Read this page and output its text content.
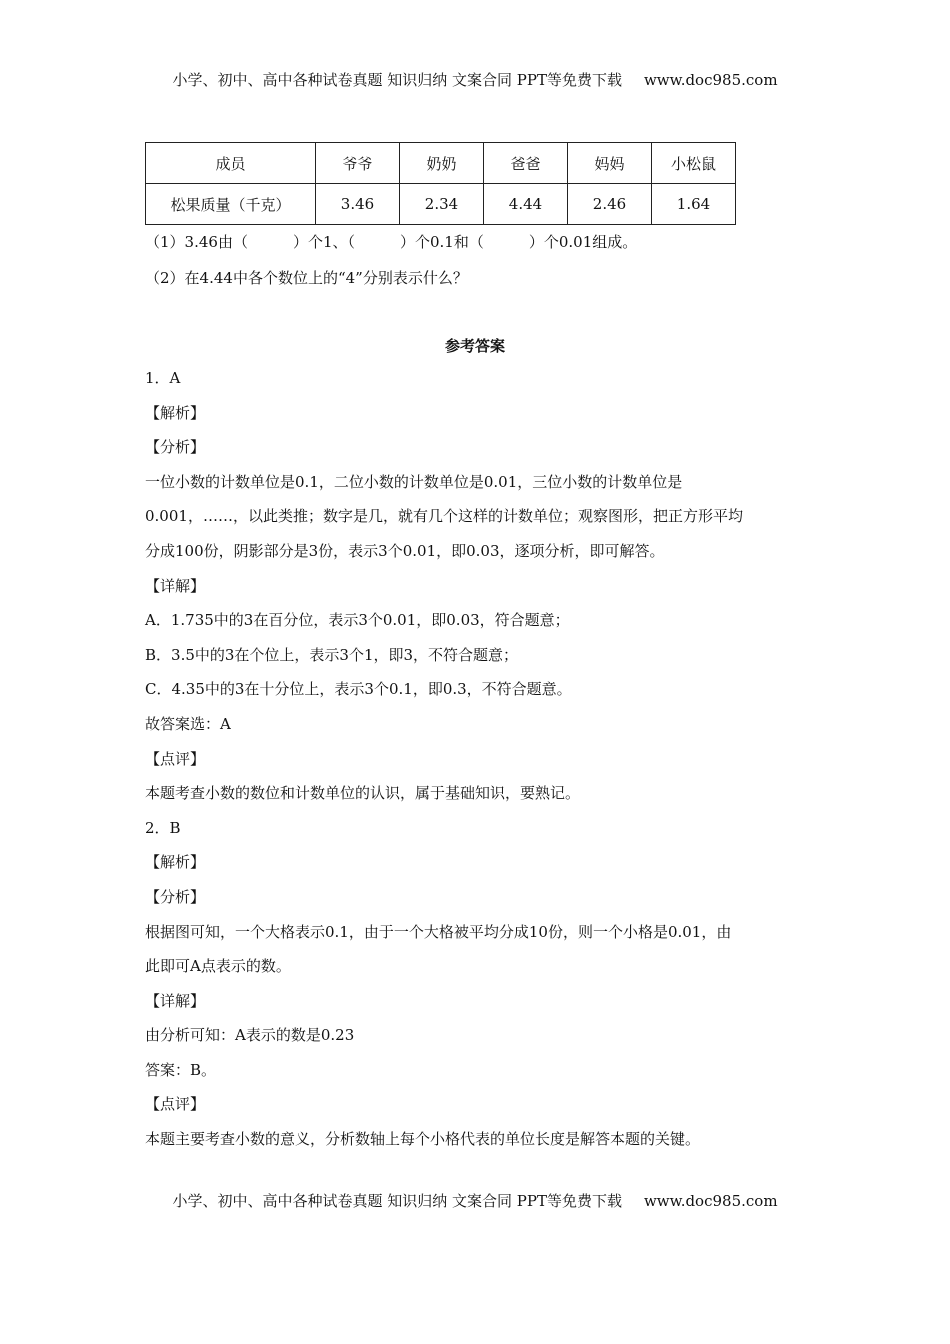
小学、初中、高中各种试卷真题 知识归纳 文案合同 PPT等免费下载 www.doc985.com
成员	爷爷	奶奶	爸爸	妈妈	小松鼠
松果质量（千克）	3.46	2.34	4.44	2.46	1.64
（1）3.46由（　　　）个1、（　　　）个0.1和（　　　）个0.01组成。
（2）在4.44中各个数位上的“4”分别表示什么？
参考答案
1．A
【解析】
【分析】
一位小数的计数单位是0.1，二位小数的计数单位是0.01，三位小数的计数单位是
0.001，……，以此类推；数字是几，就有几个这样的计数单位；观察图形，把正方形平均
分成100份，阴影部分是3份，表示3个0.01，即0.03，逐项分析，即可解答。
【详解】
A．1.735中的3在百分位，表示3个0.01，即0.03，符合题意；
B．3.5中的3在个位上，表示3个1，即3，不符合题意；
C．4.35中的3在十分位上，表示3个0.1，即0.3，不符合题意。
故答案选：A
【点评】
本题考查小数的数位和计数单位的认识，属于基础知识，要熟记。
2．B
【解析】
【分析】
根据图可知，一个大格表示0.1，由于一个大格被平均分成10份，则一个小格是0.01，由
此即可A点表示的数。
【详解】
由分析可知：A表示的数是0.23
答案：B。
【点评】
本题主要考查小数的意义，分析数轴上每个小格代表的单位长度是解答本题的关键。
小学、初中、高中各种试卷真题 知识归纳 文案合同 PPT等免费下载 www.doc985.com
